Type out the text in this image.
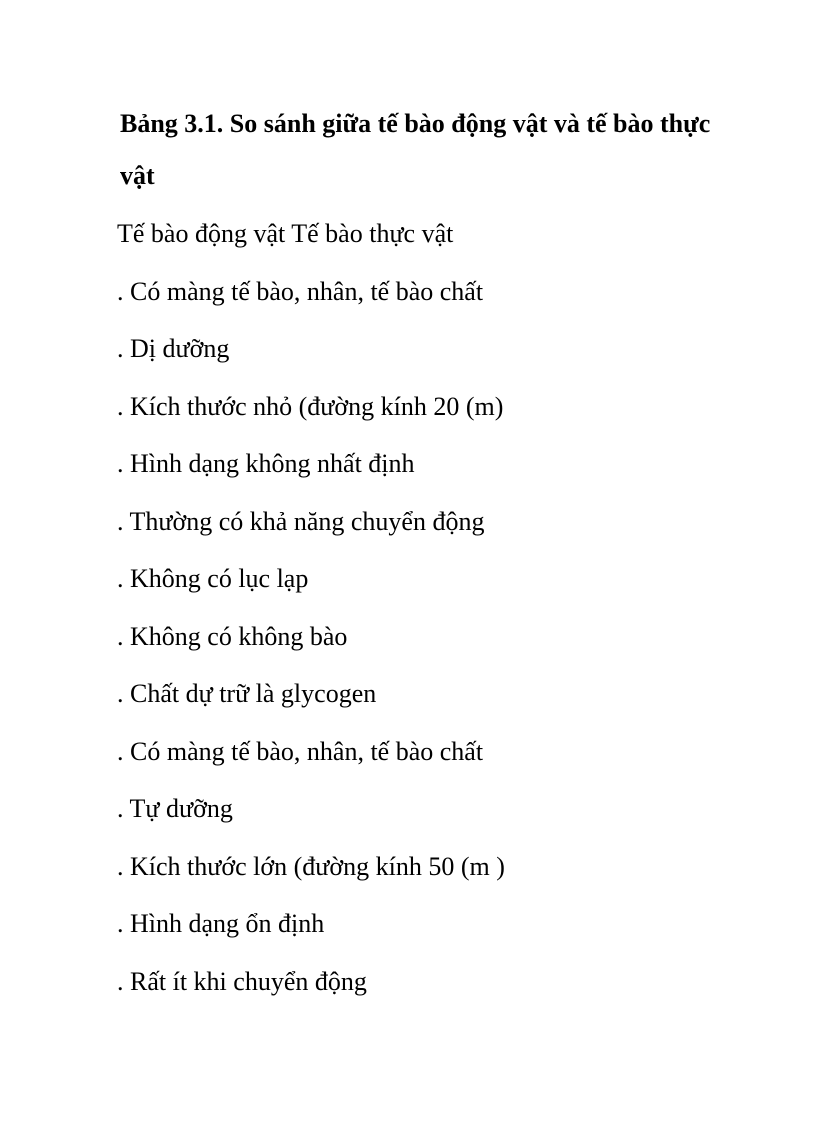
Bảng 3.1. So sánh giữa tế bào động vật và tế bào thực vật
Tế bào động vật Tế bào thực vật
. Có màng tế bào, nhân, tế bào chất
. Dị dưỡng
. Kích thước nhỏ (đường kính 20 (m)
. Hình dạng không nhất định
. Thường có khả năng chuyển động
. Không có lục lạp
. Không có không bào
. Chất dự trữ là glycogen
. Có màng tế bào, nhân, tế bào chất
. Tự dưỡng
. Kích thước lớn (đường kính 50 (m )
. Hình dạng ổn định
. Rất ít khi chuyển động
